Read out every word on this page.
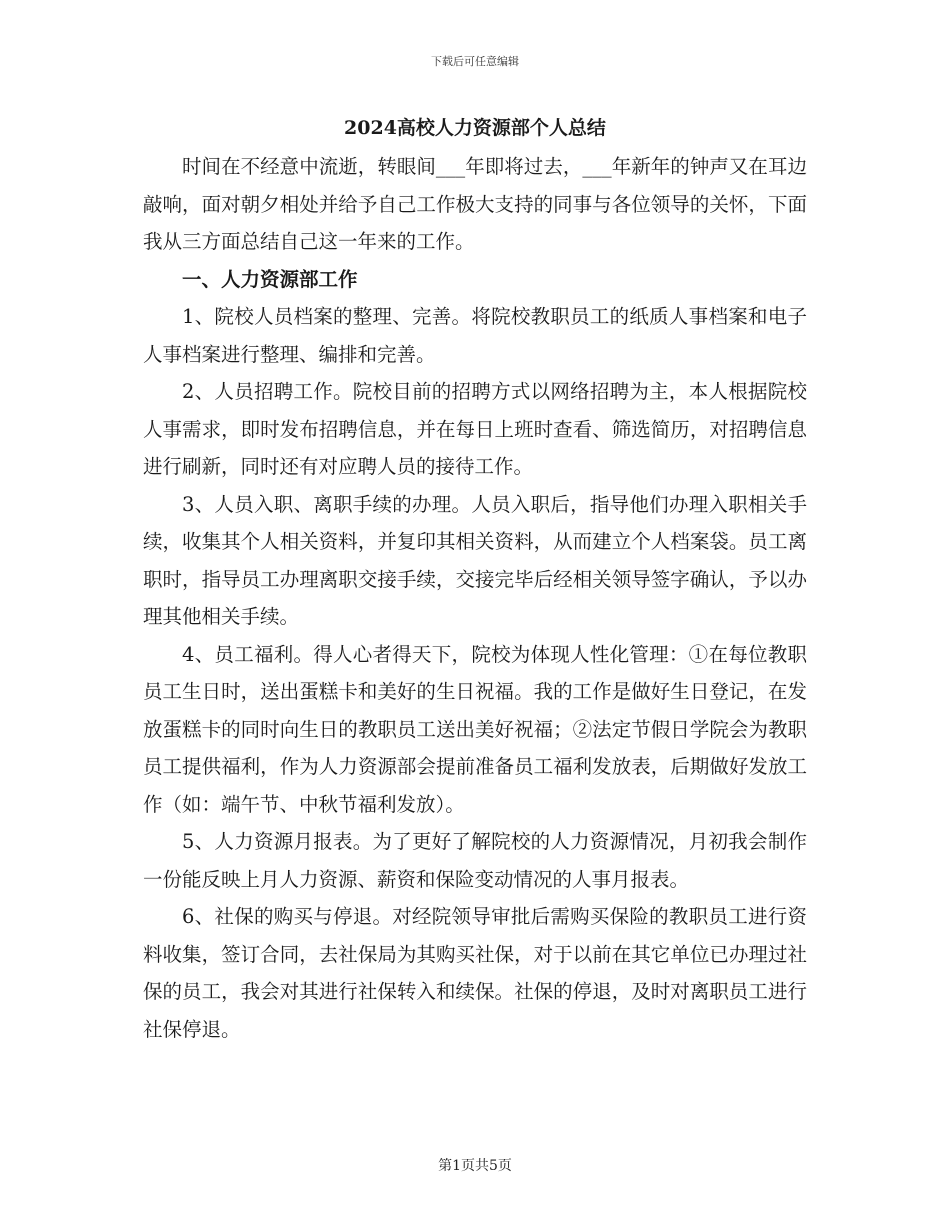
下载后可任意编辑
2024高校人力资源部个人总结

时间在不经意中流逝，转眼间___年即将过去，___年新年的钟声又在耳边敲响，面对朝夕相处并给予自己工作极大支持的同事与各位领导的关怀，下面我从三方面总结自己这一年来的工作。

一、人力资源部工作

1、院校人员档案的整理、完善。将院校教职员工的纸质人事档案和电子人事档案进行整理、编排和完善。

2、人员招聘工作。院校目前的招聘方式以网络招聘为主，本人根据院校人事需求，即时发布招聘信息，并在每日上班时查看、筛选简历，对招聘信息进行刷新，同时还有对应聘人员的接待工作。

3、人员入职、离职手续的办理。人员入职后，指导他们办理入职相关手续，收集其个人相关资料，并复印其相关资料，从而建立个人档案袋。员工离职时，指导员工办理离职交接手续，交接完毕后经相关领导签字确认，予以办理其他相关手续。

4、员工福利。得人心者得天下，院校为体现人性化管理：①在每位教职员工生日时，送出蛋糕卡和美好的生日祝福。我的工作是做好生日登记，在发放蛋糕卡的同时向生日的教职员工送出美好祝福；②法定节假日学院会为教职员工提供福利，作为人力资源部会提前准备员工福利发放表，后期做好发放工作（如：端午节、中秋节福利发放）。

5、人力资源月报表。为了更好了解院校的人力资源情况，月初我会制作一份能反映上月人力资源、薪资和保险变动情况的人事月报表。

6、社保的购买与停退。对经院领导审批后需购买保险的教职员工进行资料收集，签订合同，去社保局为其购买社保，对于以前在其它单位已办理过社保的员工，我会对其进行社保转入和续保。社保的停退，及时对离职员工进行社保停退。

第1页共5页
